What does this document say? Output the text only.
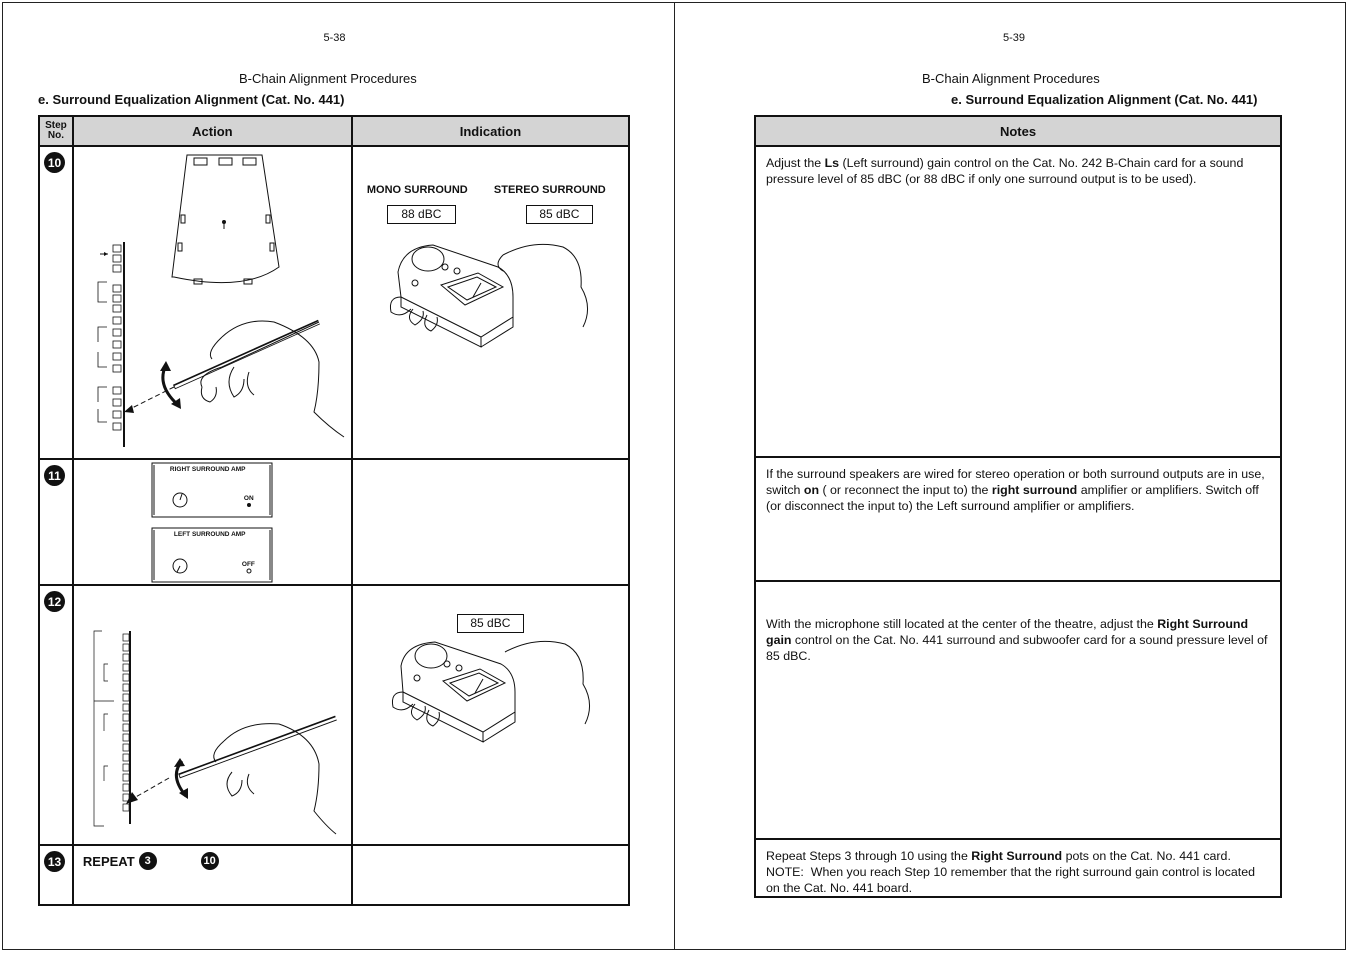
5-38
B-Chain Alignment Procedures
e. Surround Equalization Alignment (Cat. No. 441)
Step No.	Action	Indication
10		MONO SURROUND STEREO SURROUND
88 dBC 85 dBC

11	RIGHT SURROUND AMP
ON
LEFT SURROUND AMP
OFF	

12		85 dBC

13	REPEAT 3 10	

5-39
B-Chain Alignment Procedures
e. Surround Equalization Alignment (Cat. No. 441)
Notes

Adjust the Ls (Left surround) gain control on the Cat. No. 242 B-Chain card for a sound pressure level of 85 dBC (or 88 dBC if only one surround output is to be used).

If the surround speakers are wired for stereo operation or both surround outputs are in use, switch on ( or reconnect the input to) the right surround amplifier or amplifiers. Switch off (or disconnect the input to) the Left surround amplifier or amplifiers.

With the microphone still located at the center of the theatre, adjust the Right Surround gain control on the Cat. No. 441 surround and subwoofer card for a sound pressure level of  85 dBC.

Repeat Steps 3 through 10 using the Right Surround pots on the Cat. No. 441 card. NOTE:  When you reach Step 10 remember that the right surround gain control is located on the Cat. No. 441 board.
